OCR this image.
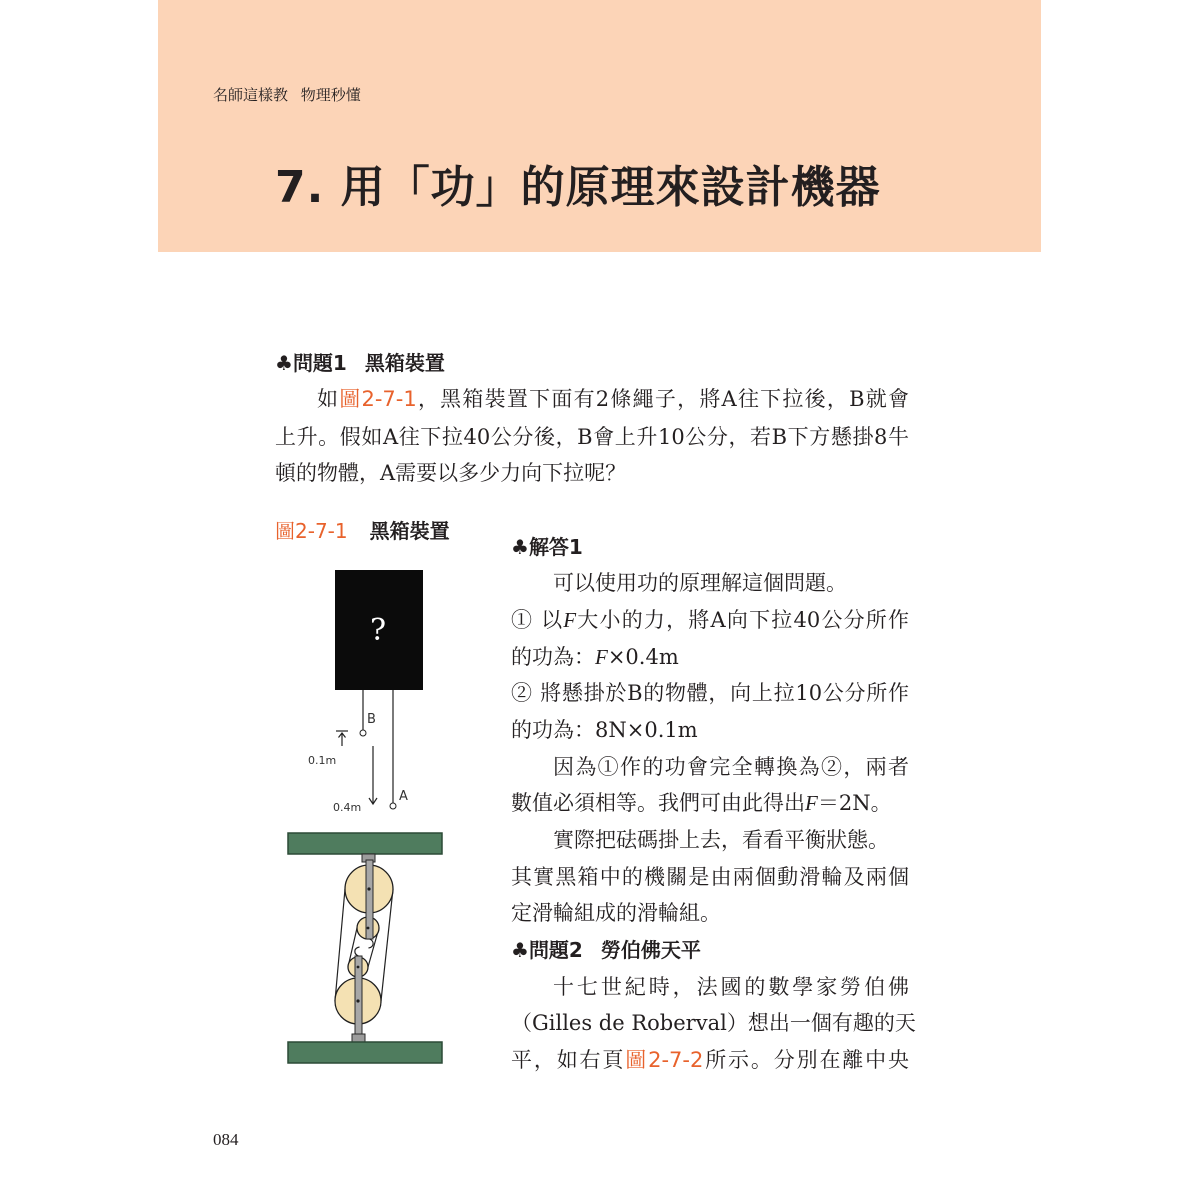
名師這樣教 物理秒懂
7. 用「功」的原理來設計機器
♣問題1 黑箱裝置
如圖2-7-1，黑箱裝置下面有2條繩子，將A往下拉後，B就會
上升。假如A往下拉40公分後，B會上升10公分，若B下方懸掛8牛
頓的物體，A需要以多少力向下拉呢？
圖2-7-1 黑箱裝置
?
B
A
0.1m
0.4m
♣解答1
可以使用功的原理解這個問題。
① 以F大小的力，將A向下拉40公分所作
的功為：F×0.4m
② 將懸掛於B的物體，向上拉10公分所作
的功為：8N×0.1m
因為①作的功會完全轉換為②，兩者
數值必須相等。我們可由此得出F＝2N。
實際把砝碼掛上去，看看平衡狀態。
其實黑箱中的機關是由兩個動滑輪及兩個
定滑輪組成的滑輪組。
♣問題2 勞伯佛天平
十七世紀時，法國的數學家勞伯佛
（Gilles de Roberval）想出一個有趣的天
平，如右頁圖2-7-2所示。分別在離中央
084
